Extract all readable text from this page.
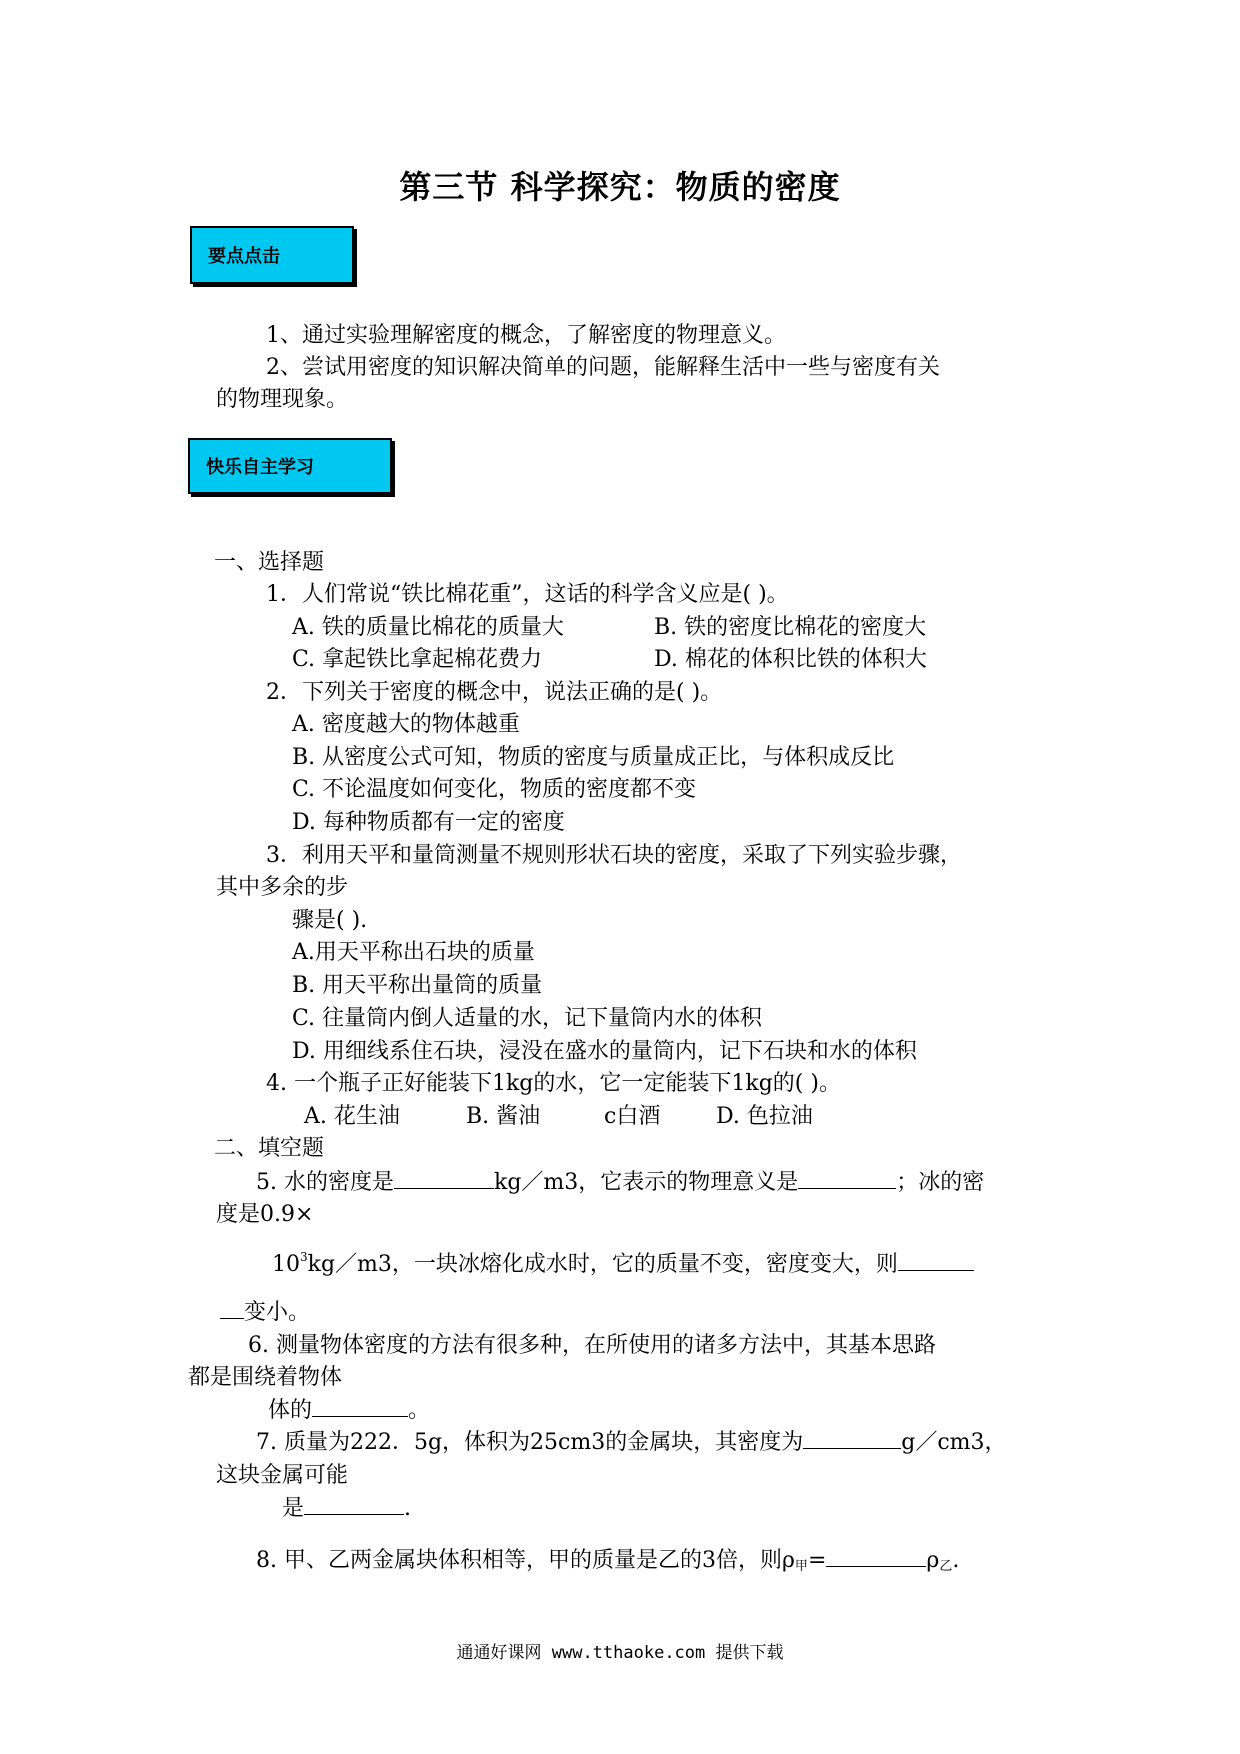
第三节 科学探究：物质的密度
要点点击
1、通过实验理解密度的概念，了解密度的物理意义。
2、尝试用密度的知识解决简单的问题，能解释生活中一些与密度有关
的物理现象。
快乐自主学习
一、选择题
1．人们常说“铁比棉花重”，这话的科学含义应是( )。
A. 铁的质量比棉花的质量大	B. 铁的密度比棉花的密度大
C. 拿起铁比拿起棉花费力	D. 棉花的体积比铁的体积大
2．下列关于密度的概念中，说法正确的是( )。
A. 密度越大的物体越重
B. 从密度公式可知，物质的密度与质量成正比，与体积成反比
C. 不论温度如何变化，物质的密度都不变
D. 每种物质都有一定的密度
3．利用天平和量筒测量不规则形状石块的密度，采取了下列实验步骤，
其中多余的步
骤是( ).
A.用天平称出石块的质量
B. 用天平称出量筒的质量
C. 往量筒内倒人适量的水，记下量筒内水的体积
D. 用细线系住石块，浸没在盛水的量筒内，记下石块和水的体积
4. 一个瓶子正好能装下1kg的水，它一定能装下1kg的( )。
A. 花生油	B. 酱油	c白酒	D. 色拉油
二、填空题
5. 水的密度是	kg／m3，它表示的物理意义是	；冰的密
度是0.9×
$10^3kg/m3$，一块冰熔化成水时，它的质量不变，密度变大，则
变小。
6. 测量物体密度的方法有很多种，在所使用的诸多方法中，其基本思路
都是围绕着物体
体的	。
7. 质量为222．5g，体积为25cm3的金属块，其密度为	g／cm3，
这块金属可能
是	.
8. 甲、乙两金属块体积相等，甲的质量是乙的3倍，则ρ甲=	ρ乙.
通通好课网 www.tthaoke.com 提供下载
